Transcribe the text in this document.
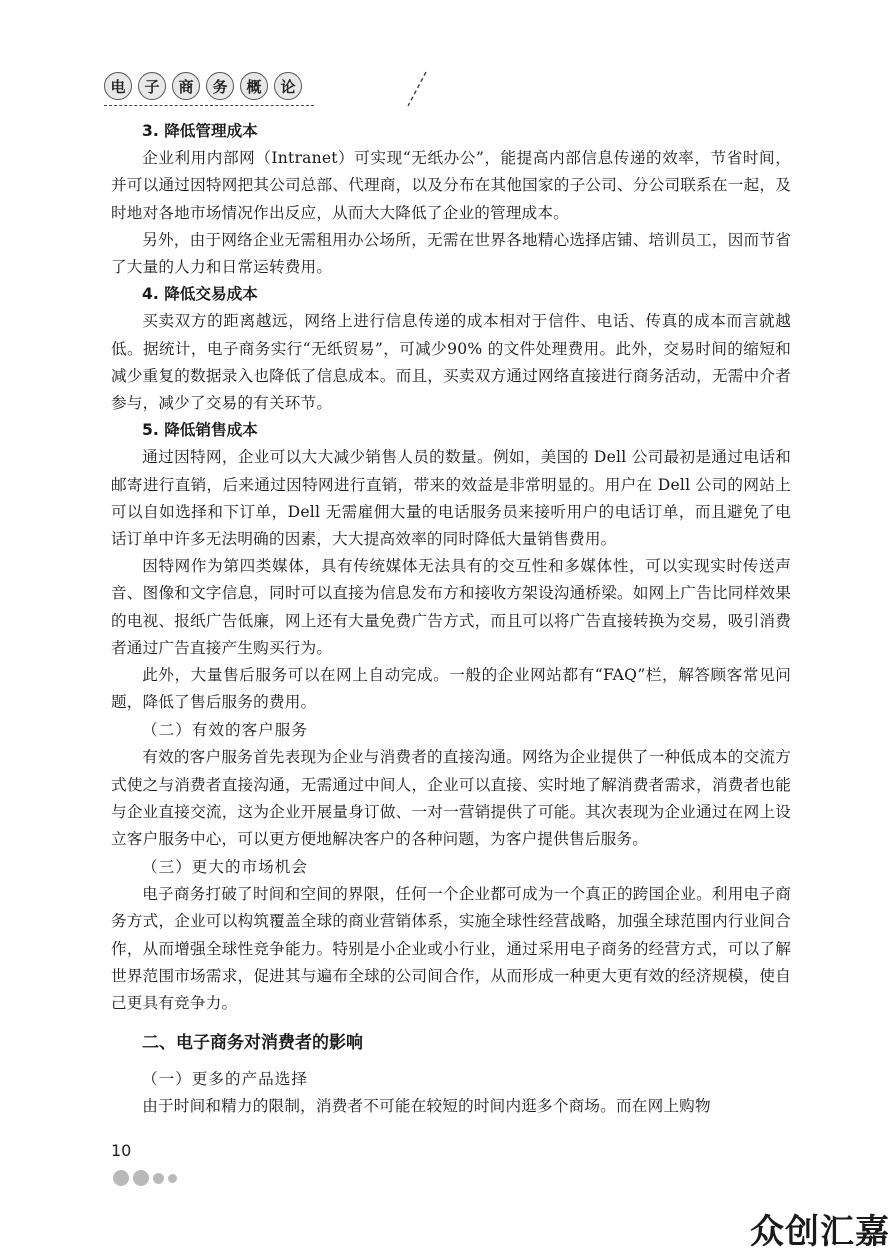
电	子	商	务	概	论

3. 降低管理成本

企业利用内部网（Intranet）可实现“无纸办公”，能提高内部信息传递的效率，节省时间，并可以通过因特网把其公司总部、代理商，以及分布在其他国家的子公司、分公司联系在一起，及时地对各地市场情况作出反应，从而大大降低了企业的管理成本。

另外，由于网络企业无需租用办公场所，无需在世界各地精心选择店铺、培训员工，因而节省了大量的人力和日常运转费用。

4. 降低交易成本

买卖双方的距离越远，网络上进行信息传递的成本相对于信件、电话、传真的成本而言就越低。据统计，电子商务实行“无纸贸易”，可减少90% 的文件处理费用。此外，交易时间的缩短和减少重复的数据录入也降低了信息成本。而且，买卖双方通过网络直接进行商务活动，无需中介者参与，减少了交易的有关环节。

5. 降低销售成本

通过因特网，企业可以大大减少销售人员的数量。例如，美国的 Dell 公司最初是通过电话和邮寄进行直销，后来通过因特网进行直销，带来的效益是非常明显的。用户在 Dell 公司的网站上可以自如选择和下订单，Dell 无需雇佣大量的电话服务员来接听用户的电话订单，而且避免了电话订单中许多无法明确的因素，大大提高效率的同时降低大量销售费用。

因特网作为第四类媒体，具有传统媒体无法具有的交互性和多媒体性，可以实现实时传送声音、图像和文字信息，同时可以直接为信息发布方和接收方架设沟通桥梁。如网上广告比同样效果的电视、报纸广告低廉，网上还有大量免费广告方式，而且可以将广告直接转换为交易，吸引消费者通过广告直接产生购买行为。

此外，大量售后服务可以在网上自动完成。一般的企业网站都有“FAQ”栏，解答顾客常见问题，降低了售后服务的费用。

（二）有效的客户服务

有效的客户服务首先表现为企业与消费者的直接沟通。网络为企业提供了一种低成本的交流方式使之与消费者直接沟通，无需通过中间人，企业可以直接、实时地了解消费者需求，消费者也能与企业直接交流，这为企业开展量身订做、一对一营销提供了可能。其次表现为企业通过在网上设立客户服务中心，可以更方便地解决客户的各种问题，为客户提供售后服务。

（三）更大的市场机会

电子商务打破了时间和空间的界限，任何一个企业都可成为一个真正的跨国企业。利用电子商务方式，企业可以构筑覆盖全球的商业营销体系，实施全球性经营战略，加强全球范围内行业间合作，从而增强全球性竞争能力。特别是小企业或小行业，通过采用电子商务的经营方式，可以了解世界范围市场需求，促进其与遍布全球的公司间合作，从而形成一种更大更有效的经济规模，使自己更具有竞争力。

二、电子商务对消费者的影响

（一）更多的产品选择

由于时间和精力的限制，消费者不可能在较短的时间内逛多个商场。而在网上购物

10
众创汇嘉
